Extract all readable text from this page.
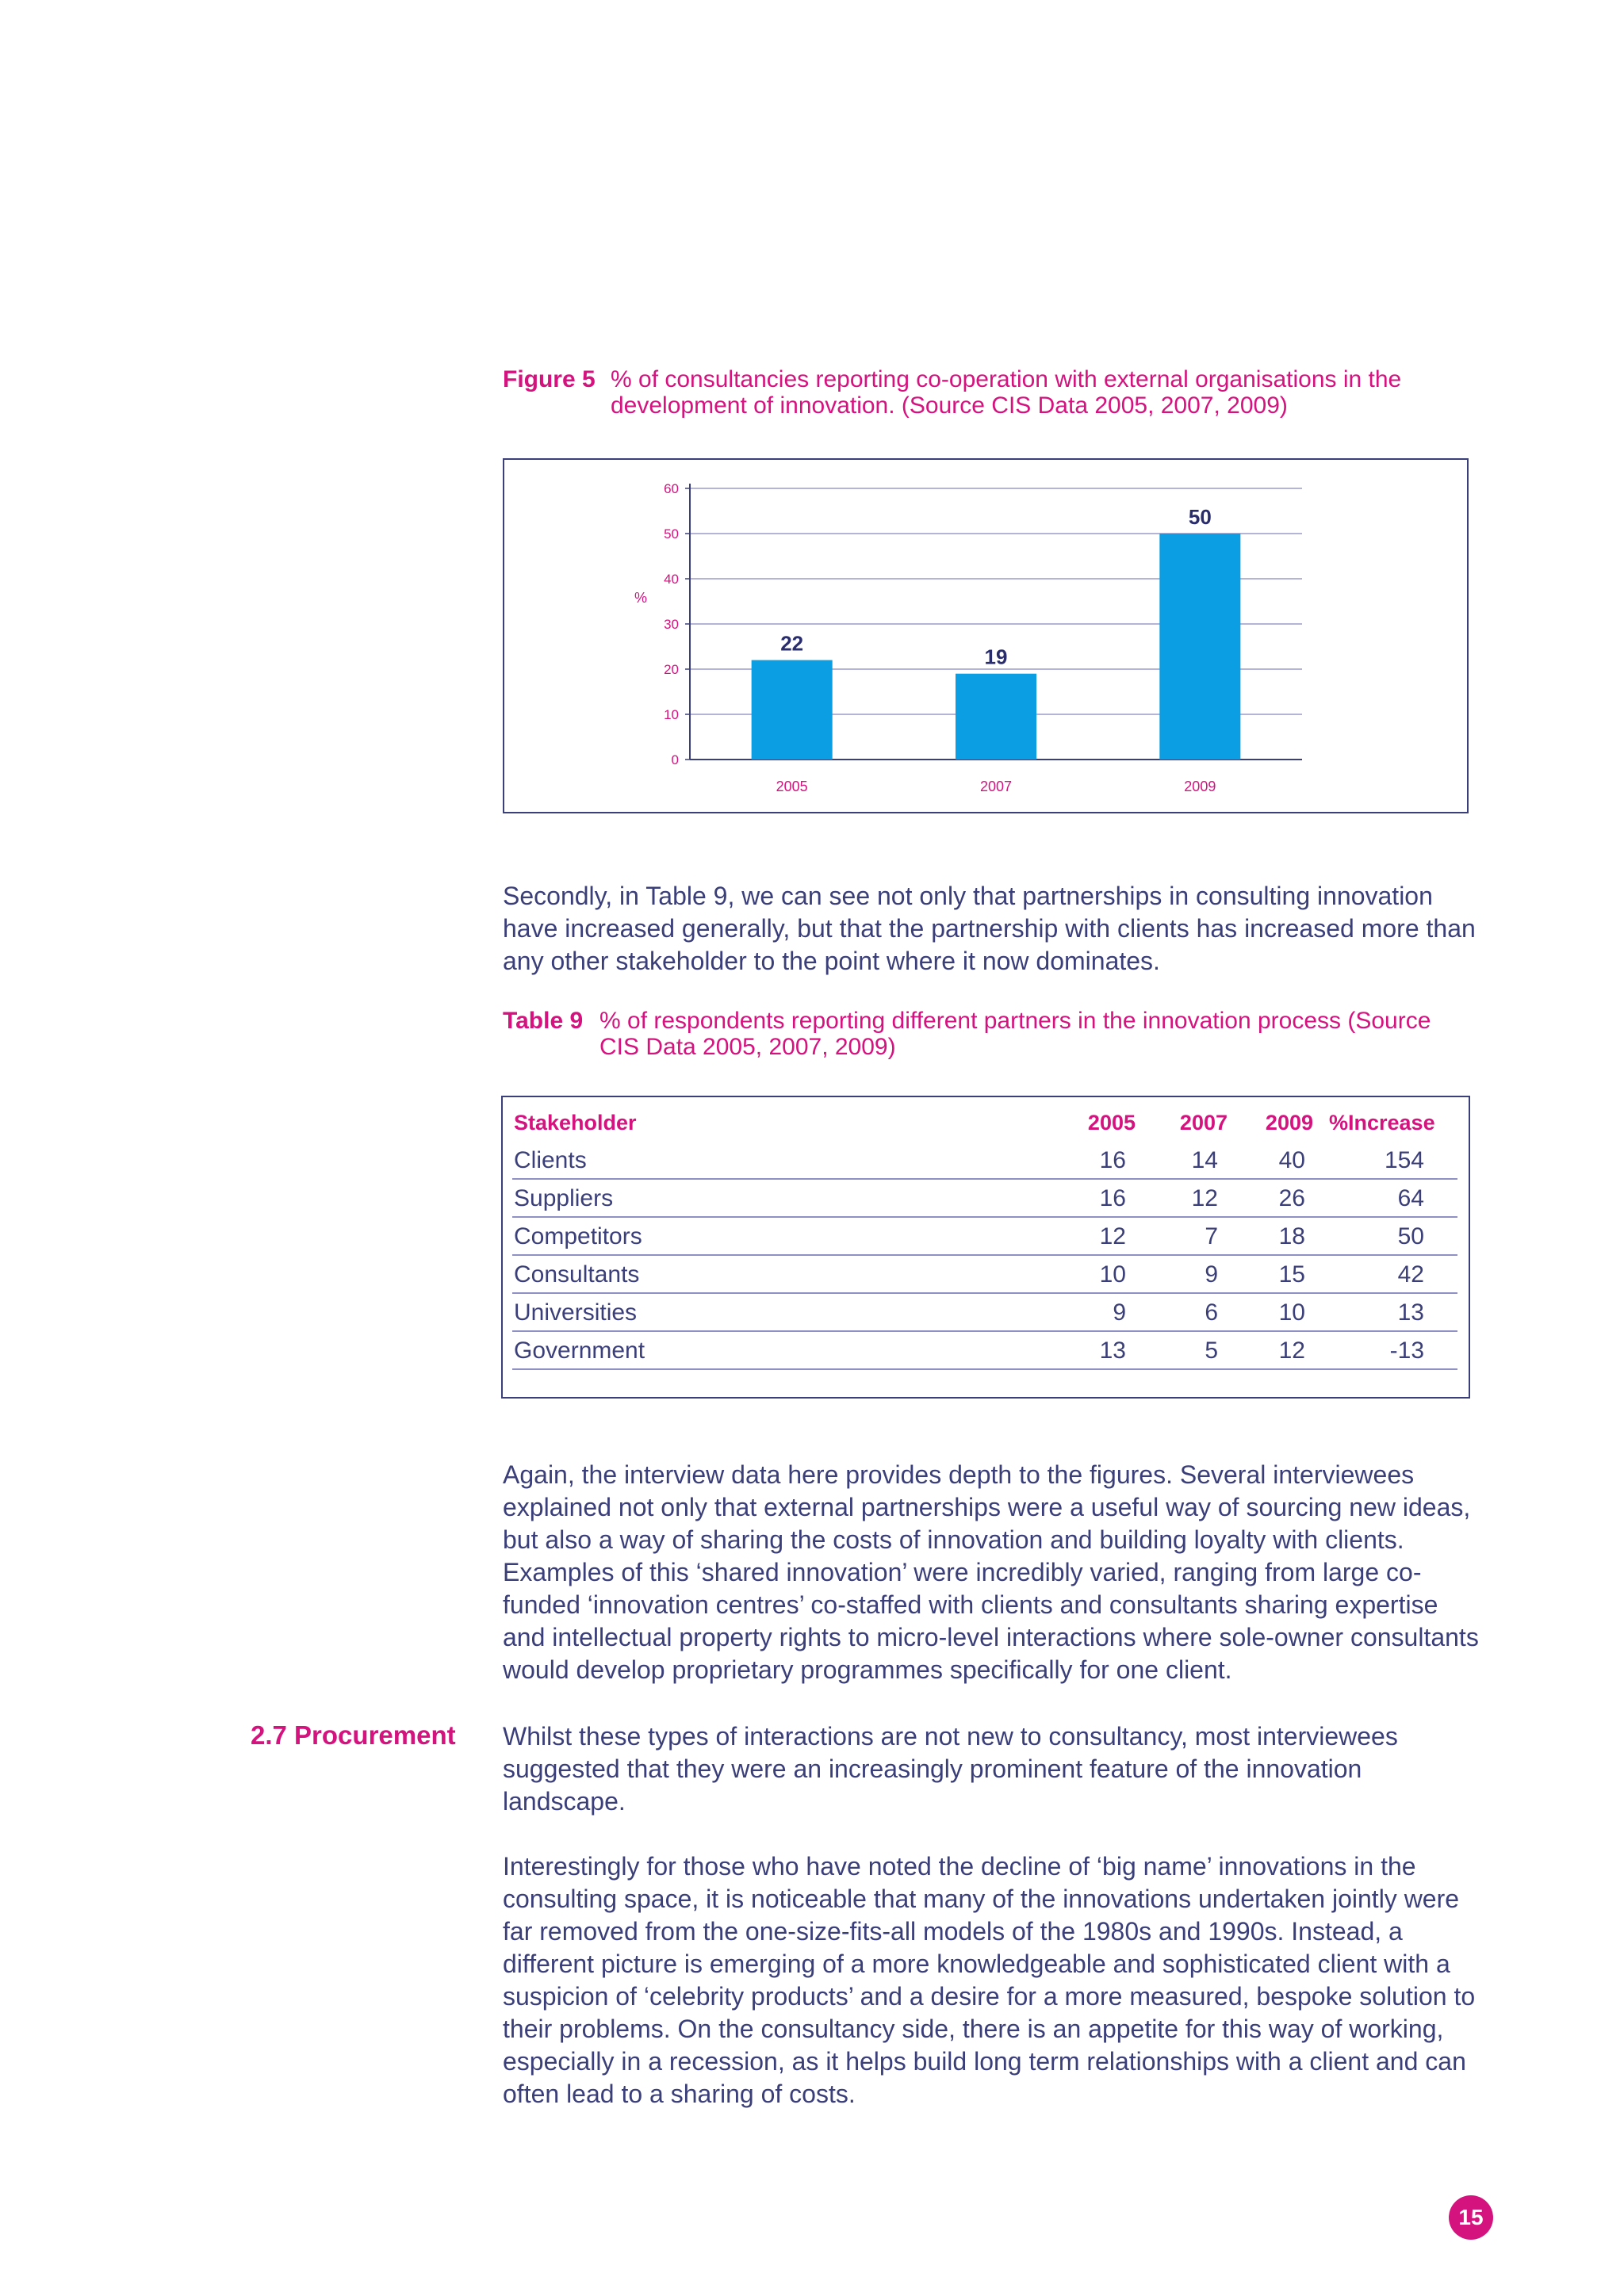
Figure 5 % of consultancies reporting co-operation with external organisations in the development of innovation. (Source CIS Data 2005, 2007, 2009)
0
10
20
30
40
50
60
%
22
2005
19
2007
50
2009
Secondly, in Table 9, we can see not only that partnerships in consulting innovation have increased generally, but that the partnership with clients has increased more than any other stakeholder to the point where it now dominates.
Table 9 % of respondents reporting different partners in the innovation process (Source CIS Data 2005, 2007, 2009)
Stakeholder	2005	2007	2009 %Increase
Clients	16	14	40	154
Suppliers	16	12	26	64
Competitors	12	7	18	50
Consultants	10	9	15	42
Universities	9	6	10	13
Government	13	5	12	-13
Again, the interview data here provides depth to the figures. Several interviewees explained not only that external partnerships were a useful way of sourcing new ideas, but also a way of sharing the costs of innovation and building loyalty with clients. Examples of this ‘shared innovation’ were incredibly varied, ranging from large co-funded ‘innovation centres’ co-staffed with clients and consultants sharing expertise and intellectual property rights to micro-level interactions where sole-owner consultants would develop proprietary programmes specifically for one client.
2.7 Procurement Whilst these types of interactions are not new to consultancy, most interviewees suggested that they were an increasingly prominent feature of the innovation landscape.
Interestingly for those who have noted the decline of ‘big name’ innovations in the consulting space, it is noticeable that many of the innovations undertaken jointly were far removed from the one-size-fits-all models of the 1980s and 1990s. Instead, a different picture is emerging of a more knowledgeable and sophisticated client with a suspicion of ‘celebrity products’ and a desire for a more measured, bespoke solution to their problems. On the consultancy side, there is an appetite for this way of working, especially in a recession, as it helps build long term relationships with a client and can often lead to a sharing of costs.
15
